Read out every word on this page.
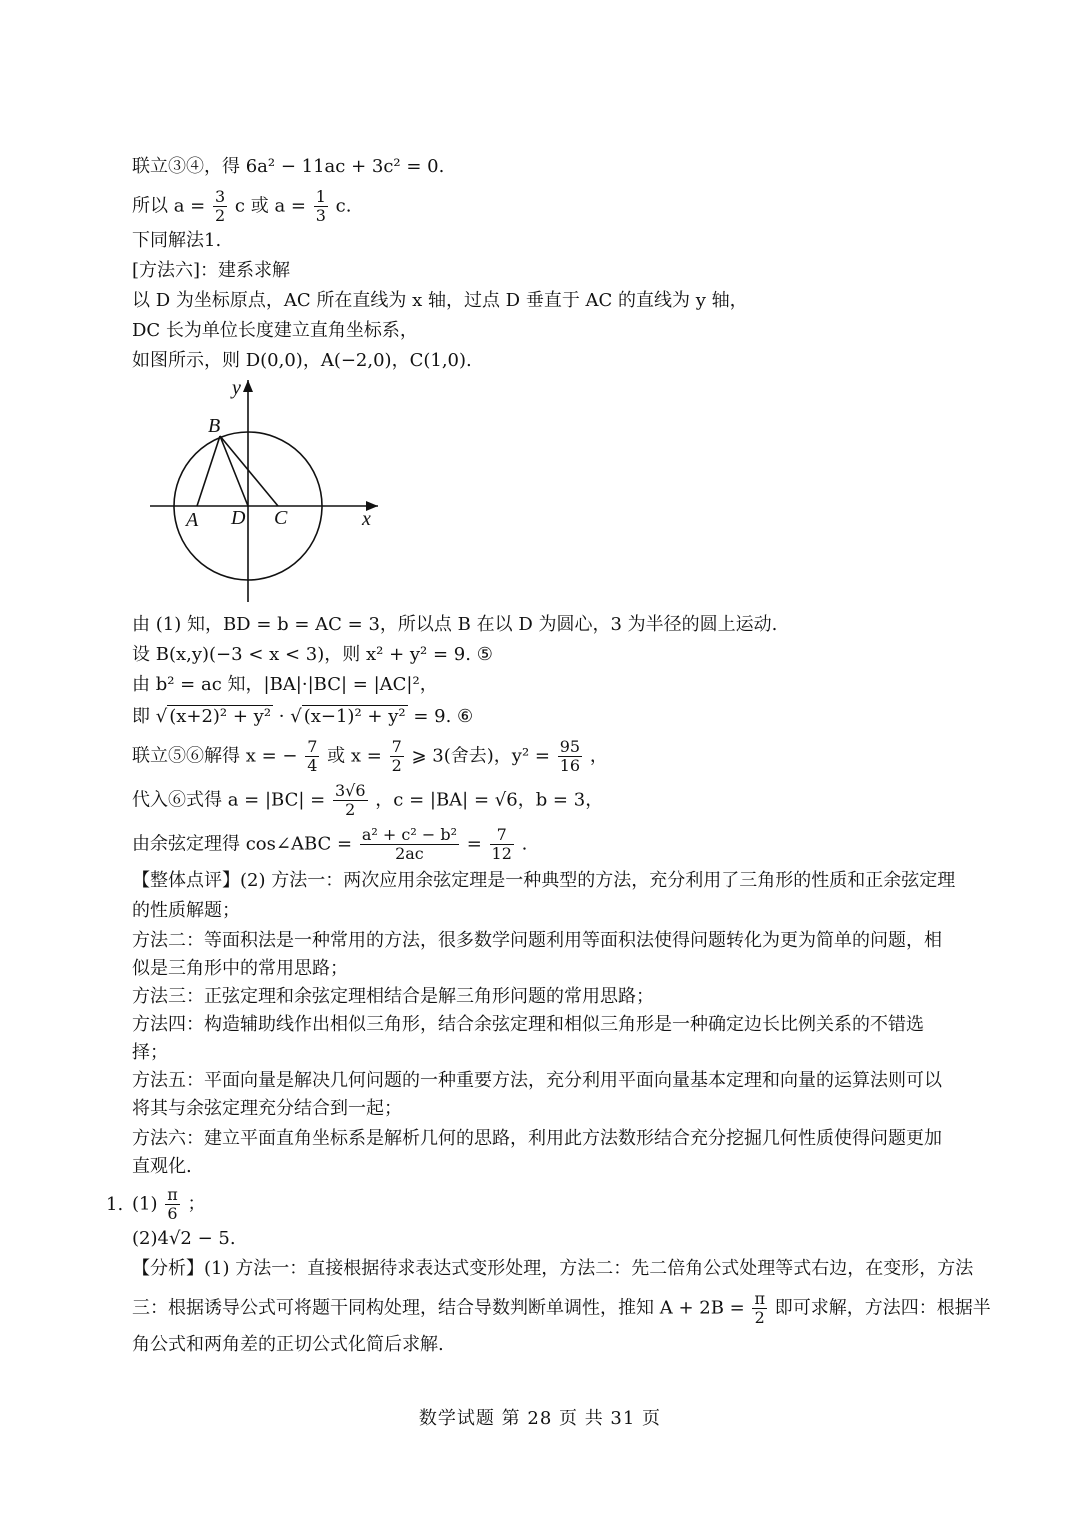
联立③④，得 6a² − 11ac + 3c² = 0.
所以 $a = \frac{3}{2}$ c 或 $a = \frac{1}{3} c$.
下同解法1.
[方法六]：建系求解
以 D 为坐标原点，AC 所在直线为 x 轴，过点 D 垂直于 AC 的直线为 y 轴，
DC 长为单位长度建立直角坐标系，
如图所示，则 D(0,0)，A(−2,0)，C(1,0).
y
x
B
A D C
由 (1) 知，BD = b = AC = 3，所以点 B 在以 D 为圆心，3 为半径的圆上运动.
设 B(x,y)(−3 < x < 3)，则 x² + y² = 9. ⑤
由 b² = ac 知，|BA|·|BC| = |AC|²，
即 √ (x+2)² + y² · √ (x−1)² + y² = 9. ⑥
联立⑤⑥解得 x = − $\frac{7}{4}$ 或 $x = \frac{7}{2}$ ⩾ 3(舍去)，$y^2 = \frac{95}{16}$ ，
代入⑥式得 $a = |BC| = \frac{3√6}{2}$ ，c = |BA| = √6，b = 3，
由余弦定理得 cos∠ABC = $\frac{\text{a² + c² − b²}}{2ac} = \frac{7}{12}$ .
【整体点评】(2) 方法一：两次应用余弦定理是一种典型的方法，充分利用了三角形的性质和正余弦定理
的性质解题；
方法二：等面积法是一种常用的方法，很多数学问题利用等面积法使得问题转化为更为简单的问题，相
似是三角形中的常用思路；
方法三：正弦定理和余弦定理相结合是解三角形问题的常用思路；
方法四：构造辅助线作出相似三角形，结合余弦定理和相似三角形是一种确定边长比例关系的不错选
择；
方法五：平面向量是解决几何问题的一种重要方法，充分利用平面向量基本定理和向量的运算法则可以
将其与余弦定理充分结合到一起；
方法六：建立平面直角坐标系是解析几何的思路，利用此方法数形结合充分挖掘几何性质使得问题更加
直观化.
1. $(1) \frac{\pi}{6}$ ；
(2)4√2 − 5.
【分析】(1) 方法一：直接根据待求表达式变形处理，方法二：先二倍角公式处理等式右边，在变形，方法
三：根据诱导公式可将题干同构处理，结合导数判断单调性，推知 $A + 2B = \frac{\pi}{2}$ 即可求解，方法四：根据半
角公式和两角差的正切公式化简后求解.
数学试题 第 28 页 共 31 页
